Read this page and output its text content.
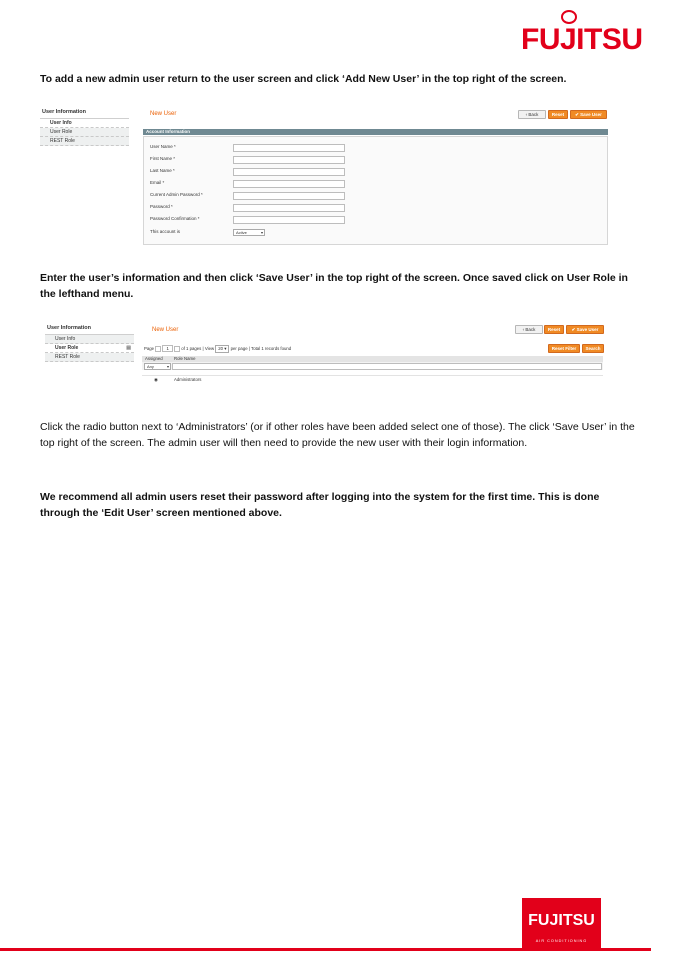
FUJITSU
To add a new admin user return to the user screen and click ‘Add New User’ in the top right of the screen.
User Information
User Info
User Role
REST Role
New User	‹ Back	Reset	✔ Save User
Account Information
User Name *
First Name *
Last Name *
Email *
Current Admin Password *
Password *
Password Confirmation *
This account is	Active	▾
Enter the user’s information and then click ‘Save User’ in the top right of the screen. Once saved click on User Role in the lefthand menu.
User Information
User Info
User Role	▤
REST Role
New User	‹ Back	Reset	✔ Save User
Page	1	of 1 pages | View 20 ▾ per page | Total 1 records found	Reset Filter	Search
Assigned	Role Name
Any	▾
◉	Administrators
Click the radio button next to ‘Administrators’ (or if other roles have been added select one of those). The click ‘Save User’ in the top right of the screen. The admin user will then need to provide the new user with their login information.
We recommend all admin users reset their password after logging into the system for the first time. This is done through the ‘Edit User’ screen mentioned above.
FUJITSU
AIR CONDITIONING
